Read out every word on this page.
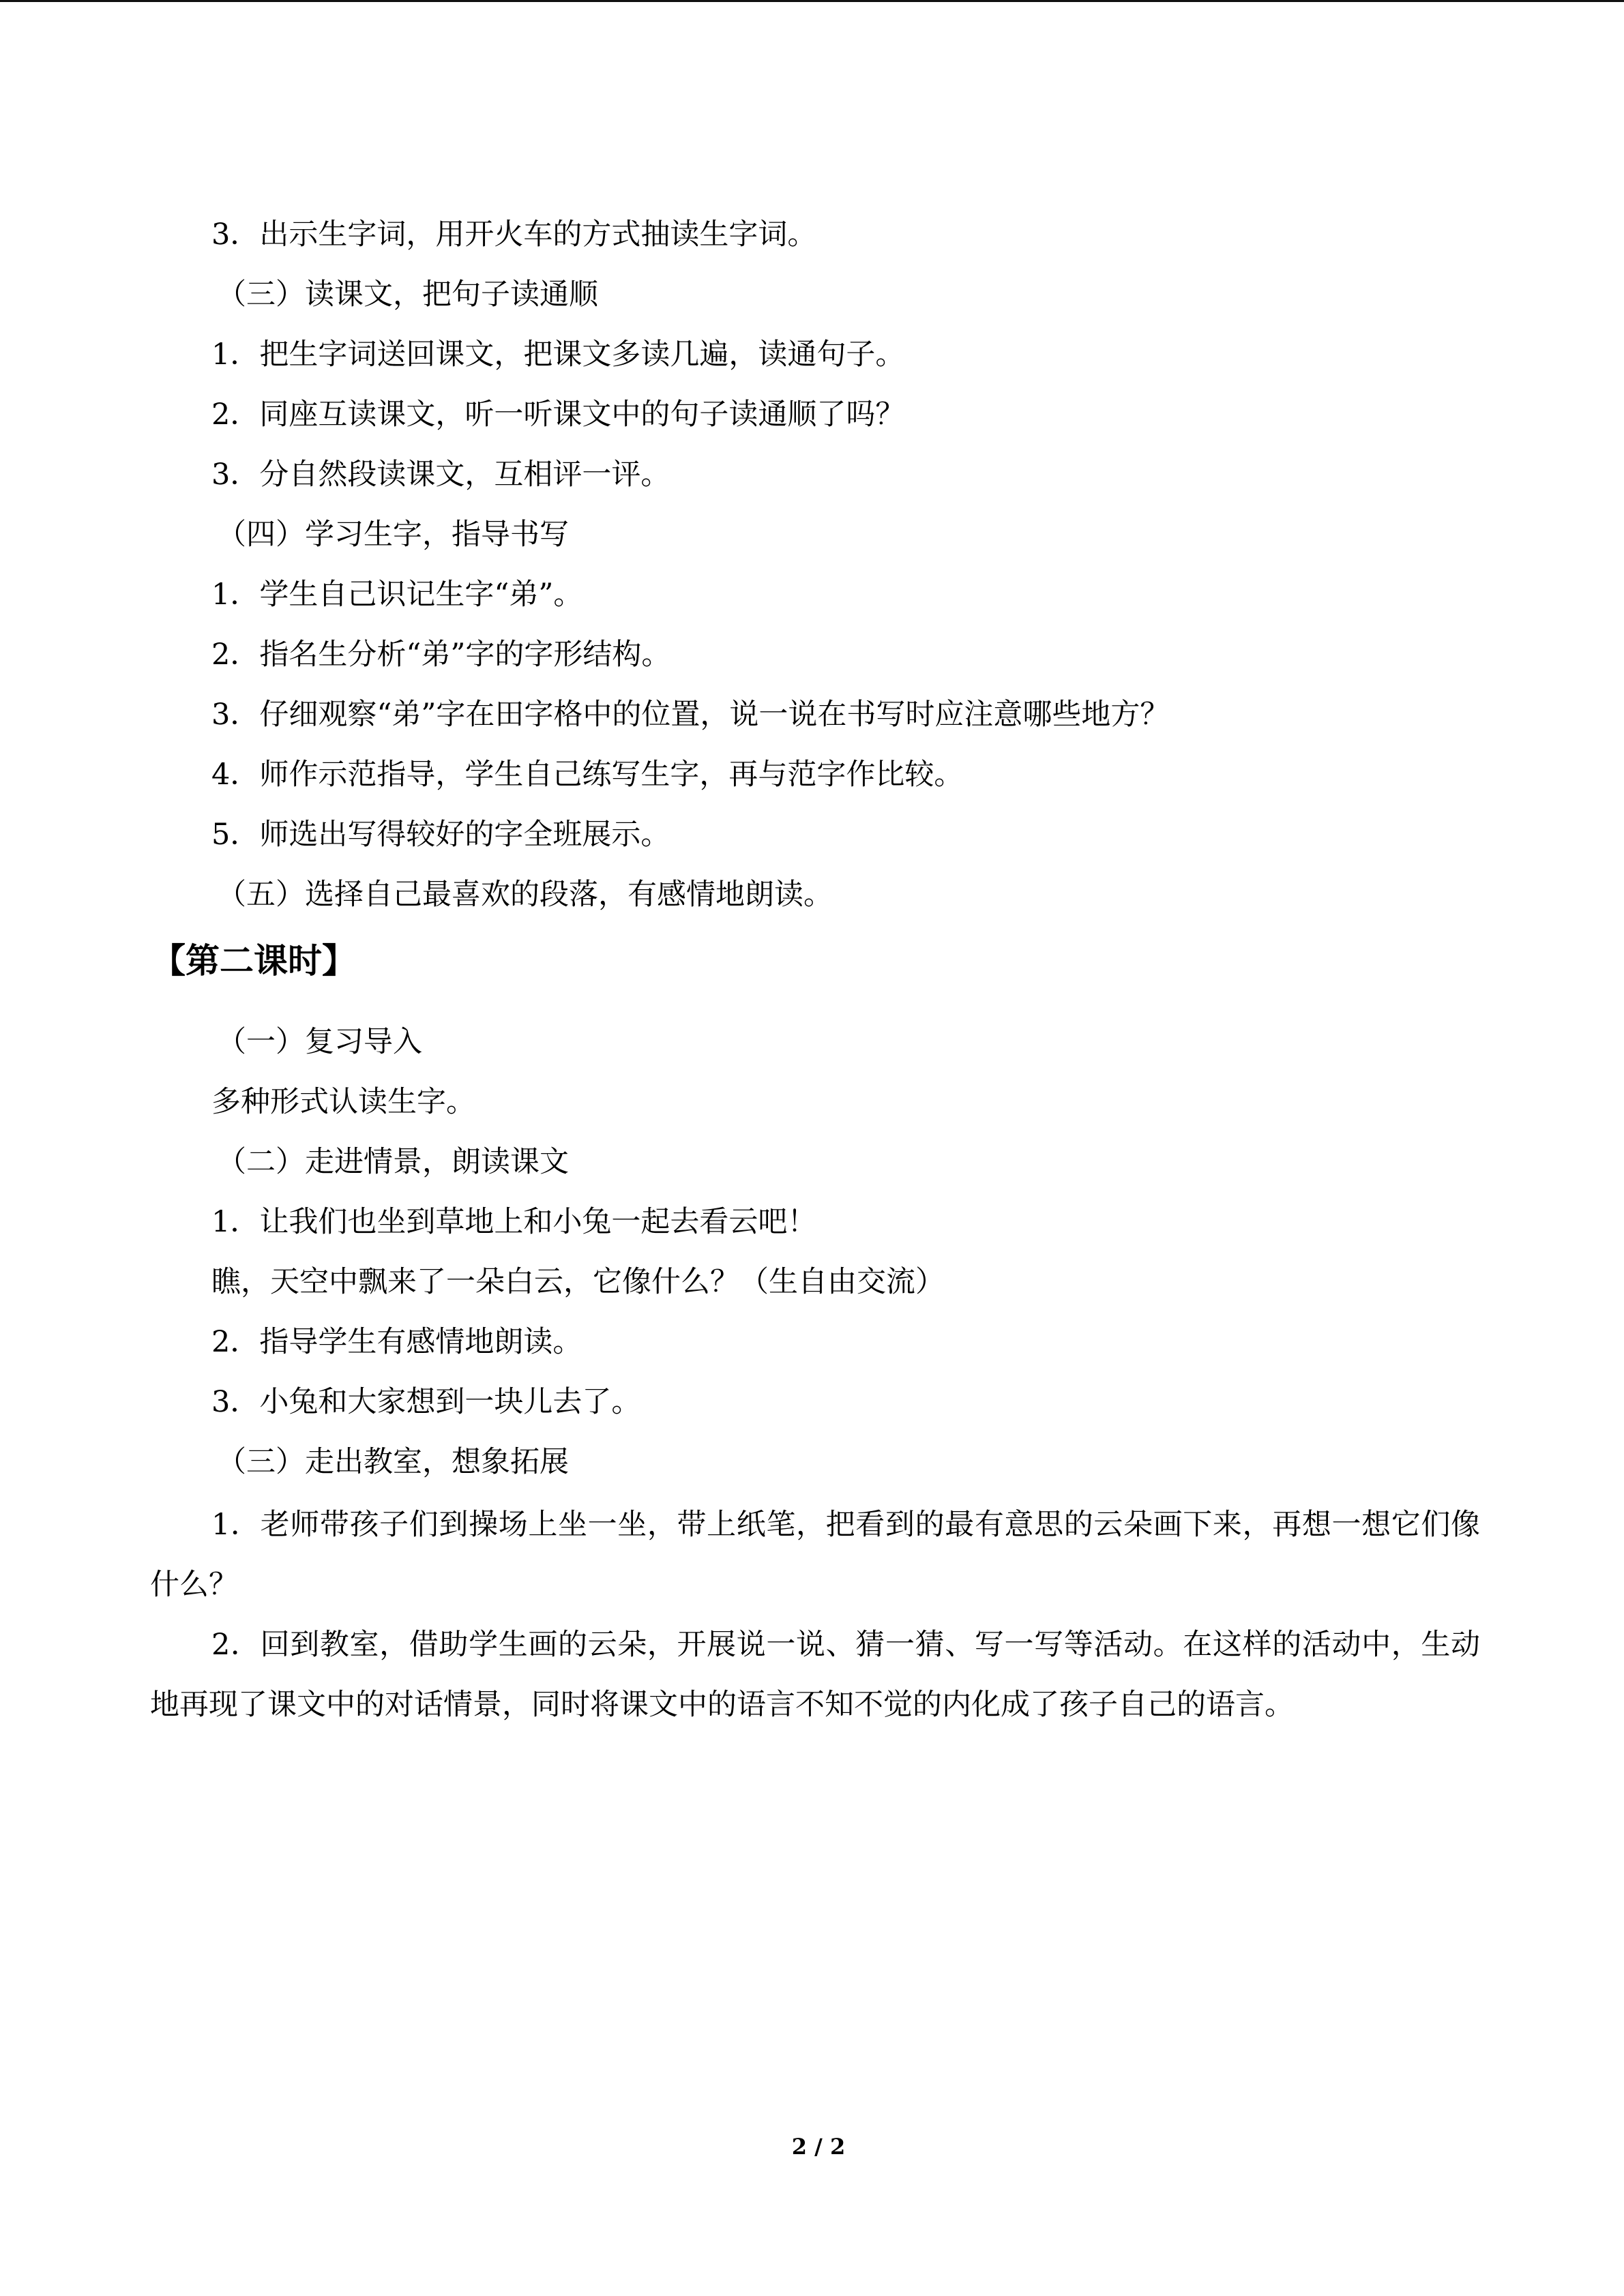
3．出示生字词，用开火车的方式抽读生字词。
（三）读课文，把句子读通顺
1．把生字词送回课文，把课文多读几遍，读通句子。
2．同座互读课文，听一听课文中的句子读通顺了吗？
3．分自然段读课文，互相评一评。
（四）学习生字，指导书写
1．学生自己识记生字“弟”。
2．指名生分析“弟”字的字形结构。
3．仔细观察“弟”字在田字格中的位置，说一说在书写时应注意哪些地方？
4．师作示范指导，学生自己练写生字，再与范字作比较。
5．师选出写得较好的字全班展示。
（五）选择自己最喜欢的段落，有感情地朗读。
【第二课时】
（一）复习导入
多种形式认读生字。
（二）走进情景，朗读课文
1．让我们也坐到草地上和小兔一起去看云吧！
瞧，天空中飘来了一朵白云，它像什么？（生自由交流）
2．指导学生有感情地朗读。
3．小兔和大家想到一块儿去了。
（三）走出教室，想象拓展
1．老师带孩子们到操场上坐一坐，带上纸笔，把看到的最有意思的云朵画下来，再想一想它们像什么？
2．回到教室，借助学生画的云朵，开展说一说、猜一猜、写一写等活动。在这样的活动中，生动地再现了课文中的对话情景，同时将课文中的语言不知不觉的内化成了孩子自己的语言。
2 / 2
